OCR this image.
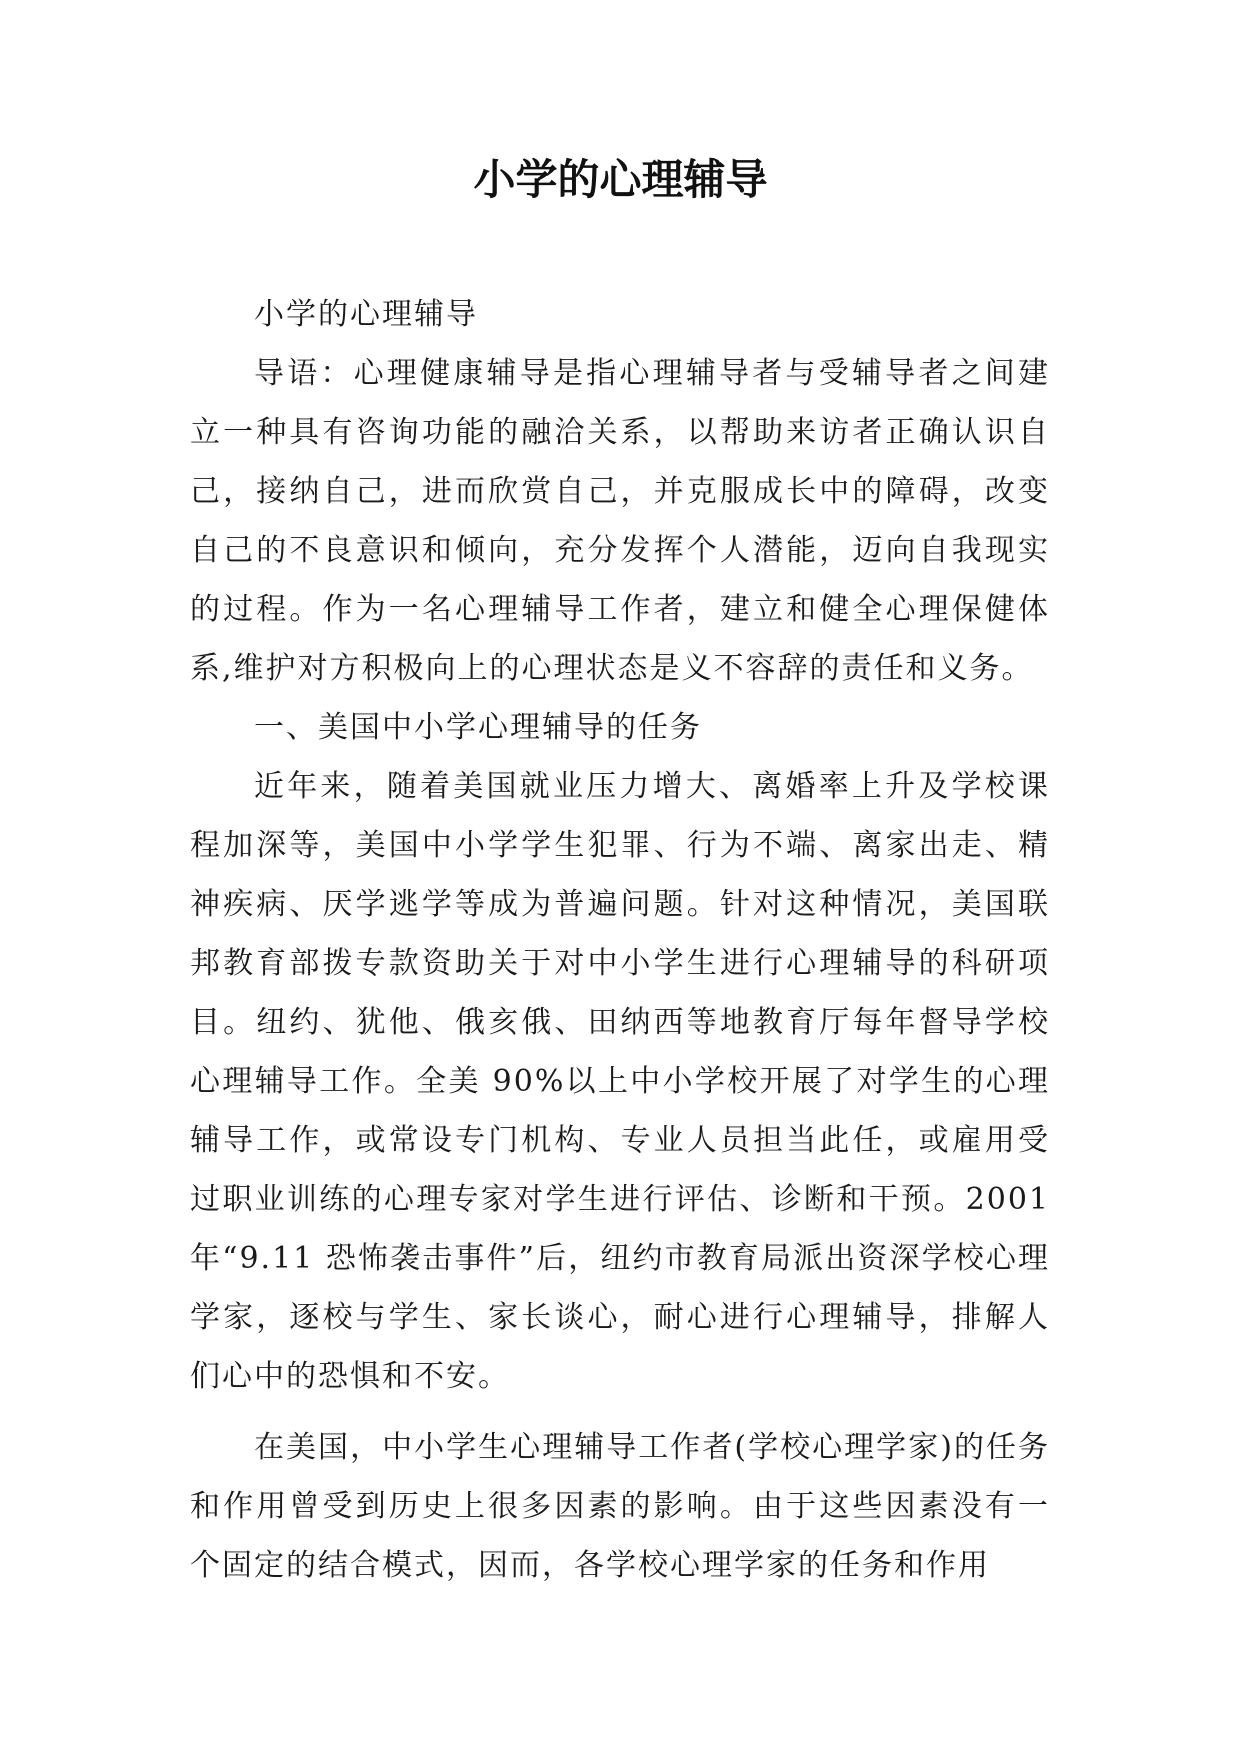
小学的心理辅导

小学的心理辅导

导语：心理健康辅导是指心理辅导者与受辅导者之间建立一种具有咨询功能的融洽关系，以帮助来访者正确认识自己，接纳自己，进而欣赏自己，并克服成长中的障碍，改变自己的不良意识和倾向，充分发挥个人潜能，迈向自我现实的过程。作为一名心理辅导工作者，建立和健全心理保健体系,维护对方积极向上的心理状态是义不容辞的责任和义务。

一、美国中小学心理辅导的任务

近年来，随着美国就业压力增大、离婚率上升及学校课程加深等，美国中小学学生犯罪、行为不端、离家出走、精神疾病、厌学逃学等成为普遍问题。针对这种情况，美国联邦教育部拨专款资助关于对中小学生进行心理辅导的科研项目。纽约、犹他、俄亥俄、田纳西等地教育厅每年督导学校心理辅导工作。全美 90%以上中小学校开展了对学生的心理辅导工作，或常设专门机构、专业人员担当此任，或雇用受过职业训练的心理专家对学生进行评估、诊断和干预。2001 年“9.11 恐怖袭击事件”后，纽约市教育局派出资深学校心理学家，逐校与学生、家长谈心，耐心进行心理辅导，排解人们心中的恐惧和不安。

在美国，中小学生心理辅导工作者(学校心理学家)的任务和作用曾受到历史上很多因素的影响。由于这些因素没有一个固定的结合模式，因而，各学校心理学家的任务和作用
